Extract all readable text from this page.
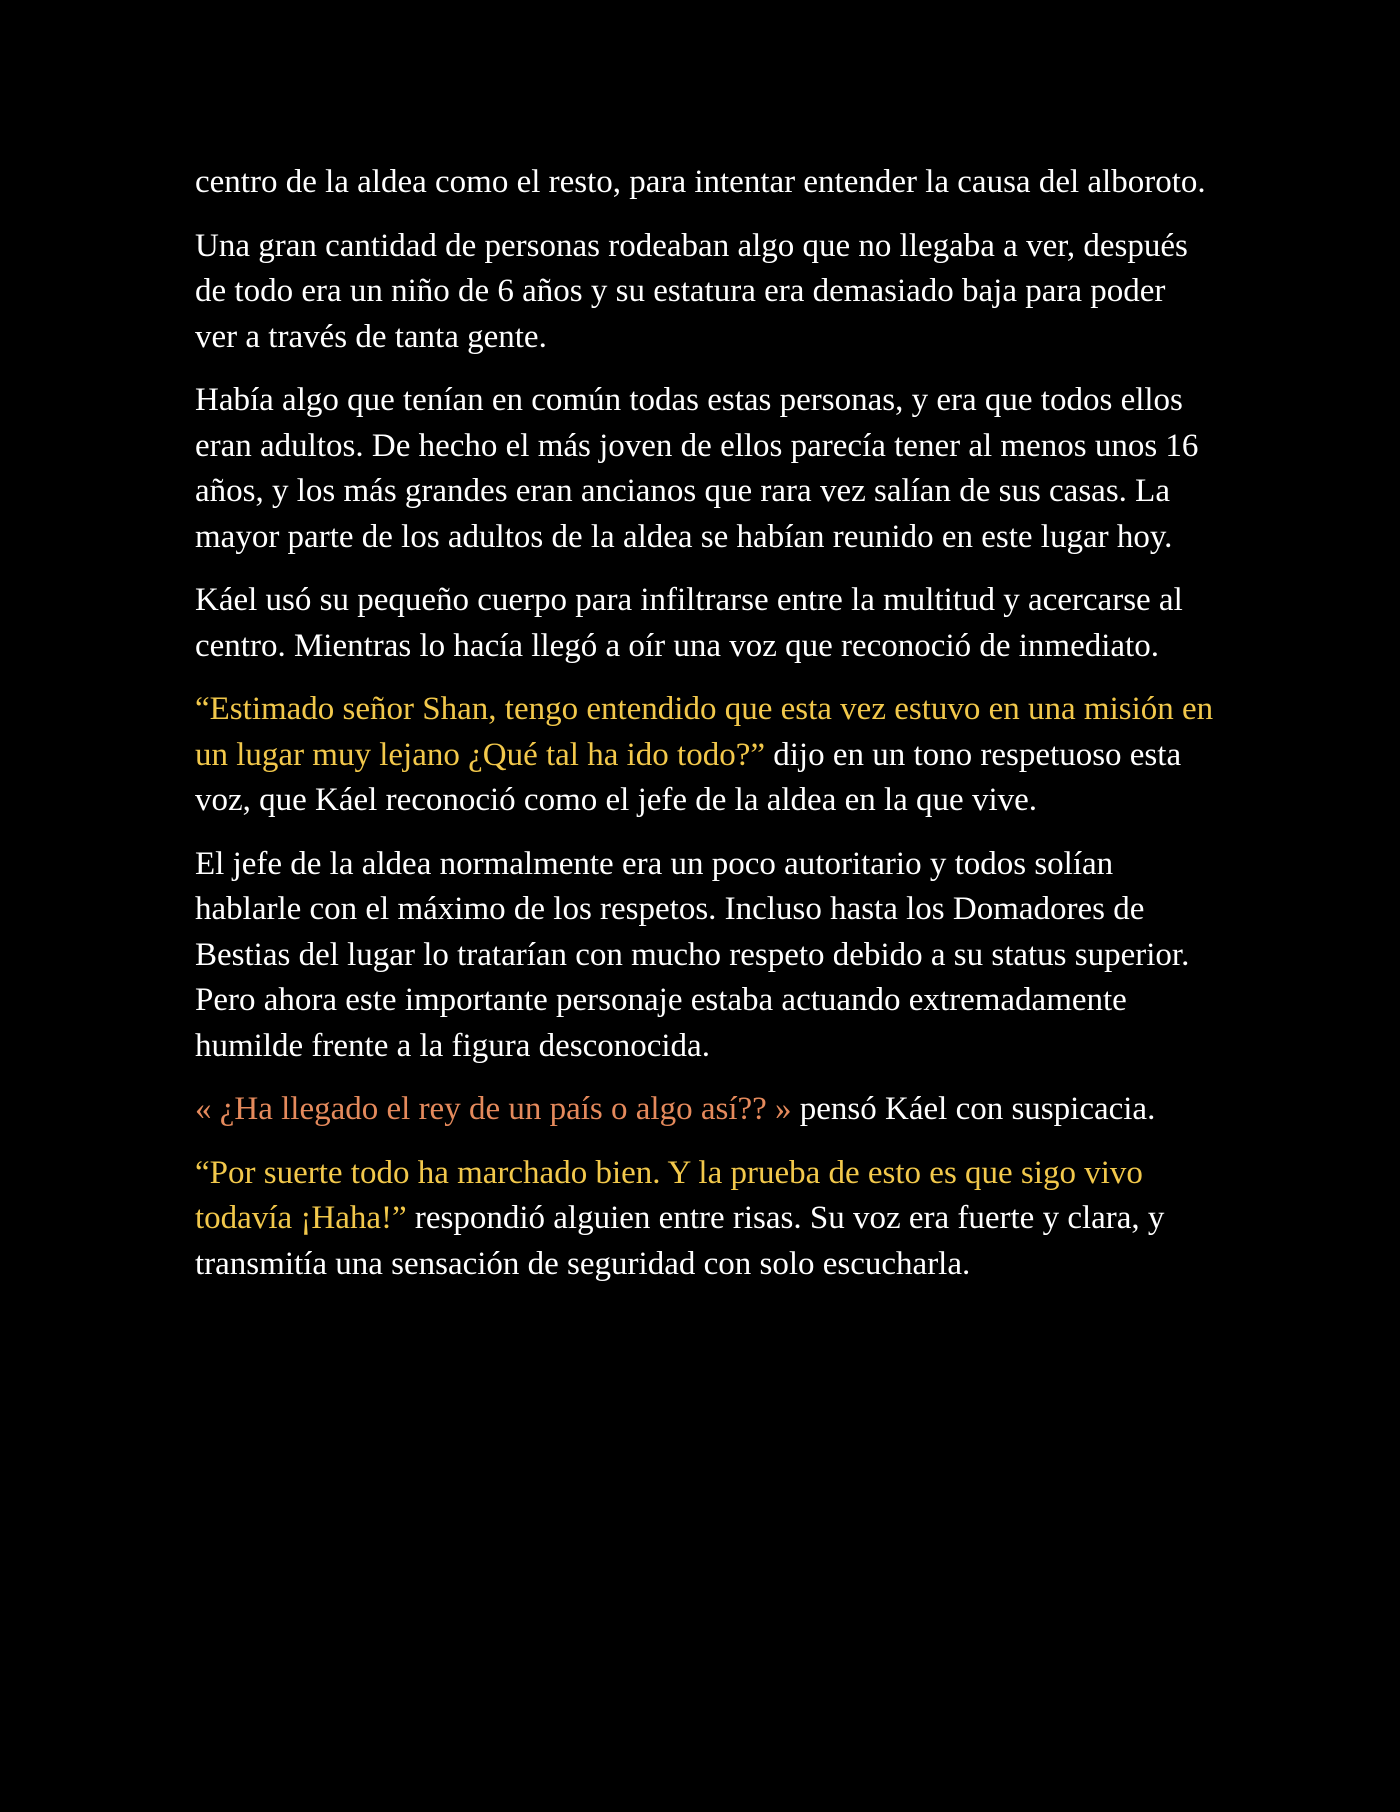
centro de la aldea como el resto, para intentar entender la causa del alboroto.

Una gran cantidad de personas rodeaban algo que no llegaba a ver, después de todo era un niño de 6 años y su estatura era demasiado baja para poder ver a través de tanta gente.

Había algo que tenían en común todas estas personas, y era que todos ellos eran adultos. De hecho el más joven de ellos parecía tener al menos unos 16 años, y los más grandes eran ancianos que rara vez salían de sus casas. La mayor parte de los adultos de la aldea se habían reunido en este lugar hoy.

Káel usó su pequeño cuerpo para infiltrarse entre la multitud y acercarse al centro. Mientras lo hacía llegó a oír una voz que reconoció de inmediato.

“Estimado señor Shan, tengo entendido que esta vez estuvo en una misión en un lugar muy lejano ¿Qué tal ha ido todo?” dijo en un tono respetuoso esta voz, que Káel reconoció como el jefe de la aldea en la que vive.

El jefe de la aldea normalmente era un poco autoritario y todos solían hablarle con el máximo de los respetos. Incluso hasta los Domadores de Bestias del lugar lo tratarían con mucho respeto debido a su status superior. Pero ahora este importante personaje estaba actuando extremadamente humilde frente a la figura desconocida.

« ¿Ha llegado el rey de un país o algo así?? » pensó Káel con suspicacia.

“Por suerte todo ha marchado bien. Y la prueba de esto es que sigo vivo todavía ¡Haha!” respondió alguien entre risas. Su voz era fuerte y clara, y transmitía una sensación de seguridad con solo escucharla.
